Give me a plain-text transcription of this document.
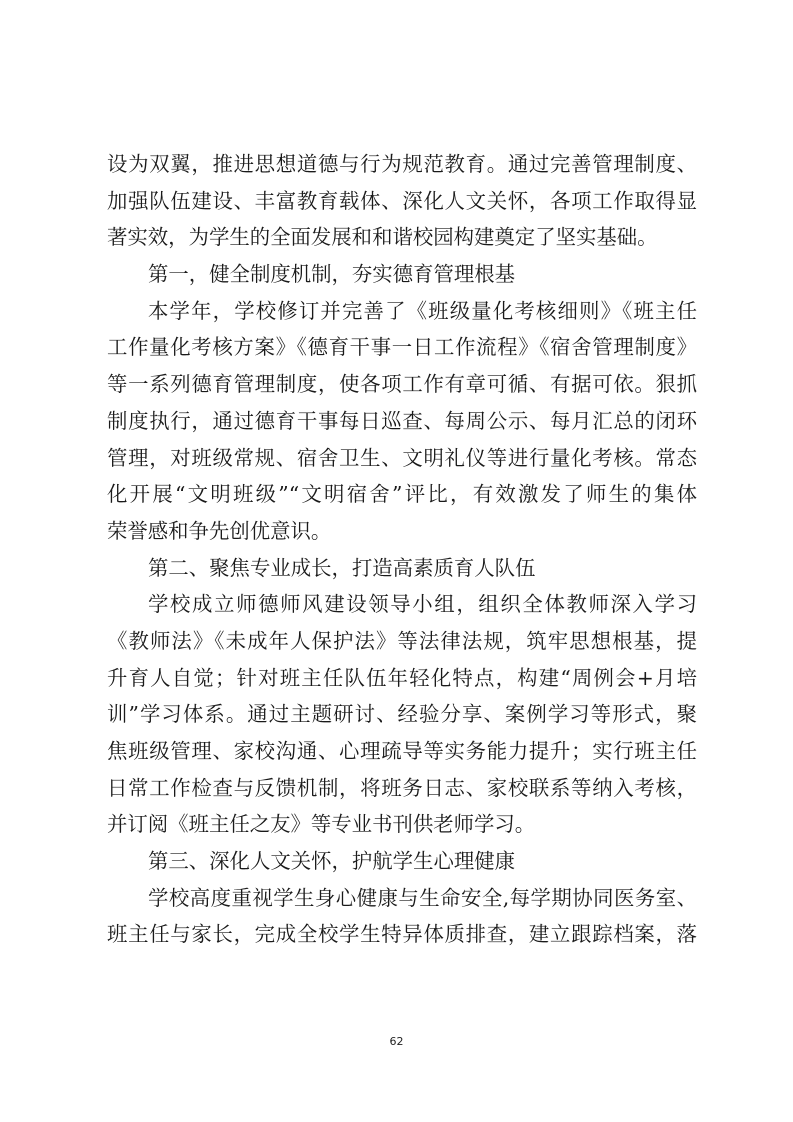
设为双翼，推进思想道德与行为规范教育。通过完善管理制度、
加强队伍建设、丰富教育载体、深化人文关怀，各项工作取得显
著实效，为学生的全面发展和和谐校园构建奠定了坚实基础。
第一，健全制度机制，夯实德育管理根基
本学年，学校修订并完善了《班级量化考核细则》《班主任
工作量化考核方案》《德育干事一日工作流程》《宿舍管理制度》
等一系列德育管理制度，使各项工作有章可循、有据可依。狠抓
制度执行，通过德育干事每日巡查、每周公示、每月汇总的闭环
管理，对班级常规、宿舍卫生、文明礼仪等进行量化考核。常态
化开展“文明班级”“文明宿舍”评比，有效激发了师生的集体
荣誉感和争先创优意识。
第二、聚焦专业成长，打造高素质育人队伍
学校成立师德师风建设领导小组，组织全体教师深入学习
《教师法》《未成年人保护法》等法律法规，筑牢思想根基，提
升育人自觉；针对班主任队伍年轻化特点，构建“周例会+月培
训”学习体系。通过主题研讨、经验分享、案例学习等形式，聚
焦班级管理、家校沟通、心理疏导等实务能力提升；实行班主任
日常工作检查与反馈机制，将班务日志、家校联系等纳入考核，
并订阅《班主任之友》等专业书刊供老师学习。
第三、深化人文关怀，护航学生心理健康
学校高度重视学生身心健康与生命安全,每学期协同医务室、
班主任与家长，完成全校学生特异体质排查，建立跟踪档案，落
62
